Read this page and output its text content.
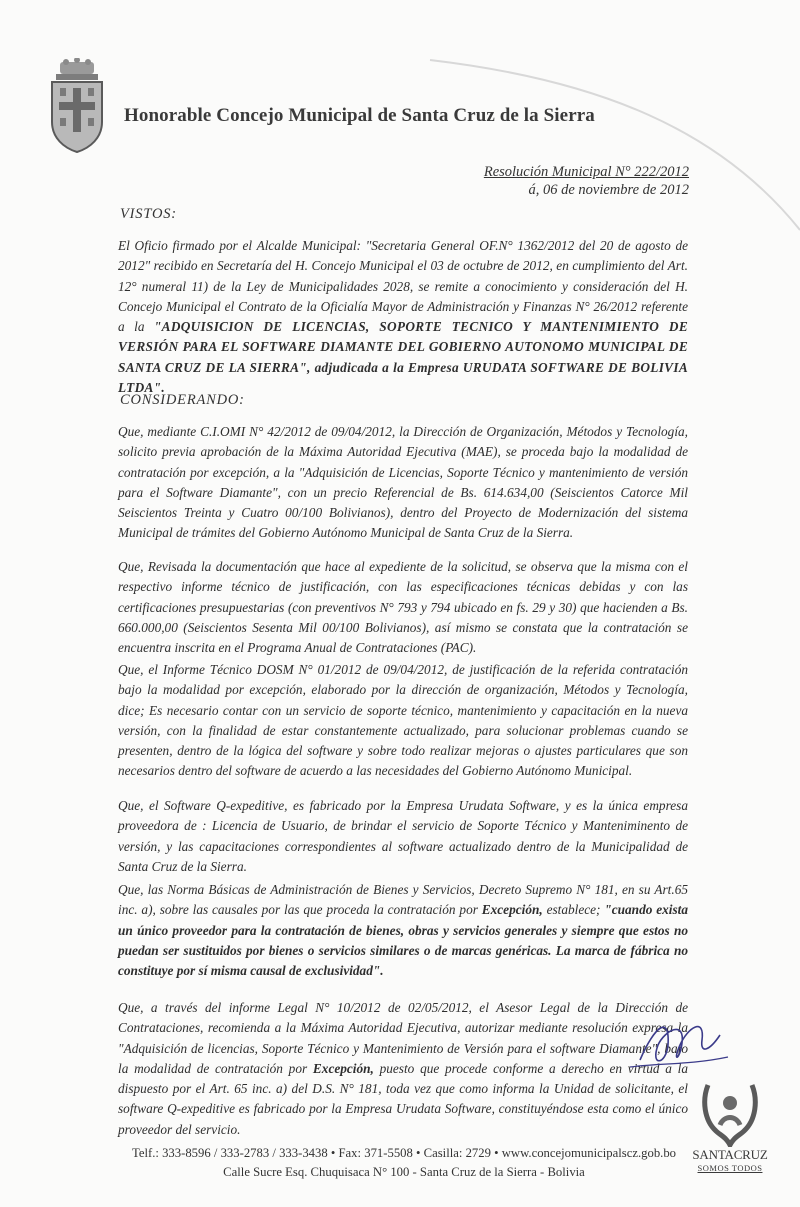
Honorable Concejo Municipal de Santa Cruz de la Sierra
Resolución Municipal N° 222/2012
á, 06 de noviembre de 2012
VISTOS:

El Oficio firmado por el Alcalde Municipal: "Secretaria General OF.N° 1362/2012 del 20 de agosto de 2012" recibido en Secretaría del H. Concejo Municipal el 03 de octubre de 2012, en cumplimiento del Art. 12° numeral 11) de la Ley de Municipalidades 2028, se remite a conocimiento y consideración del H. Concejo Municipal el Contrato de la Oficialía Mayor de Administración y Finanzas N° 26/2012 referente a la "ADQUISICION DE LICENCIAS, SOPORTE TECNICO Y MANTENIMIENTO DE VERSIÓN PARA EL SOFTWARE DIAMANTE DEL GOBIERNO AUTONOMO MUNICIPAL DE SANTA CRUZ DE LA SIERRA", adjudicada a la Empresa URUDATA SOFTWARE DE BOLIVIA LTDA".

CONSIDERANDO:

Que, mediante C.I.OMI N° 42/2012 de 09/04/2012, la Dirección de Organización, Métodos y Tecnología, solicito previa aprobación de la Máxima Autoridad Ejecutiva (MAE), se proceda bajo la modalidad de contratación por excepción, a la "Adquisición de Licencias, Soporte Técnico y mantenimiento de versión para el Software Diamante", con un precio Referencial de Bs. 614.634,00 (Seiscientos Catorce Mil Seiscientos Treinta y Cuatro 00/100 Bolivianos), dentro del Proyecto de Modernización del sistema Municipal de trámites del Gobierno Autónomo Municipal de Santa Cruz de la Sierra.

Que, Revisada la documentación que hace al expediente de la solicitud, se observa que la misma con el respectivo informe técnico de justificación, con las especificaciones técnicas debidas y con las certificaciones presupuestarias (con preventivos N° 793 y 794 ubicado en fs. 29 y 30) que hacienden a Bs. 660.000,00 (Seiscientos Sesenta Mil 00/100 Bolivianos), así mismo se constata que la contratación se encuentra inscrita en el Programa Anual de Contrataciones (PAC).

Que, el Informe Técnico DOSM N° 01/2012 de 09/04/2012, de justificación de la referida contratación bajo la modalidad por excepción, elaborado por la dirección de organización, Métodos y Tecnología, dice; Es necesario contar con un servicio de soporte técnico, mantenimiento y capacitación en la nueva versión, con la finalidad de estar constantemente actualizado, para solucionar problemas cuando se presenten, dentro de la lógica del software y sobre todo realizar mejoras o ajustes particulares que son necesarios dentro del software de acuerdo a las necesidades del Gobierno Autónomo Municipal.

Que, el Software Q-expeditive, es fabricado por la Empresa Urudata Software, y es la única empresa proveedora de : Licencia de Usuario, de brindar el servicio de Soporte Técnico y Manteniminento de versión, y las capacitaciones correspondientes al software actualizado dentro de la Municipalidad de Santa Cruz de la Sierra.

Que, las Norma Básicas de Administración de Bienes y Servicios, Decreto Supremo N° 181, en su Art.65 inc. a), sobre las causales por las que proceda la contratación por Excepción, establece; "cuando exista un único proveedor para la contratación de bienes, obras y servicios generales y siempre que estos no puedan ser sustituidos por bienes o servicios similares o de marcas genéricas. La marca de fábrica no constituye por sí misma causal de exclusividad".

Que, a través del informe Legal N° 10/2012 de 02/05/2012, el Asesor Legal de la Dirección de Contrataciones, recomienda a la Máxima Autoridad Ejecutiva, autorizar mediante resolución expresa la "Adquisición de licencias, Soporte Técnico y Mantenimiento de Versión para el software Diamante", bajo la modalidad de contratación por Excepción, puesto que procede conforme a derecho en virtud a la dispuesto por el Art. 65 inc. a) del D.S. N° 181, toda vez que como informa la Unidad de solicitante, el software Q-expeditive es fabricado por la Empresa Urudata Software, constituyéndose esta como el único proveedor del servicio.

SANTACRUZ
SOMOS TODOS
Telf.: 333-8596 / 333-2783 / 333-3438 • Fax: 371-5508 • Casilla: 2729 • www.concejomunicipalscz.gob.bo
Calle Sucre Esq. Chuquisaca N° 100 - Santa Cruz de la Sierra - Bolivia
